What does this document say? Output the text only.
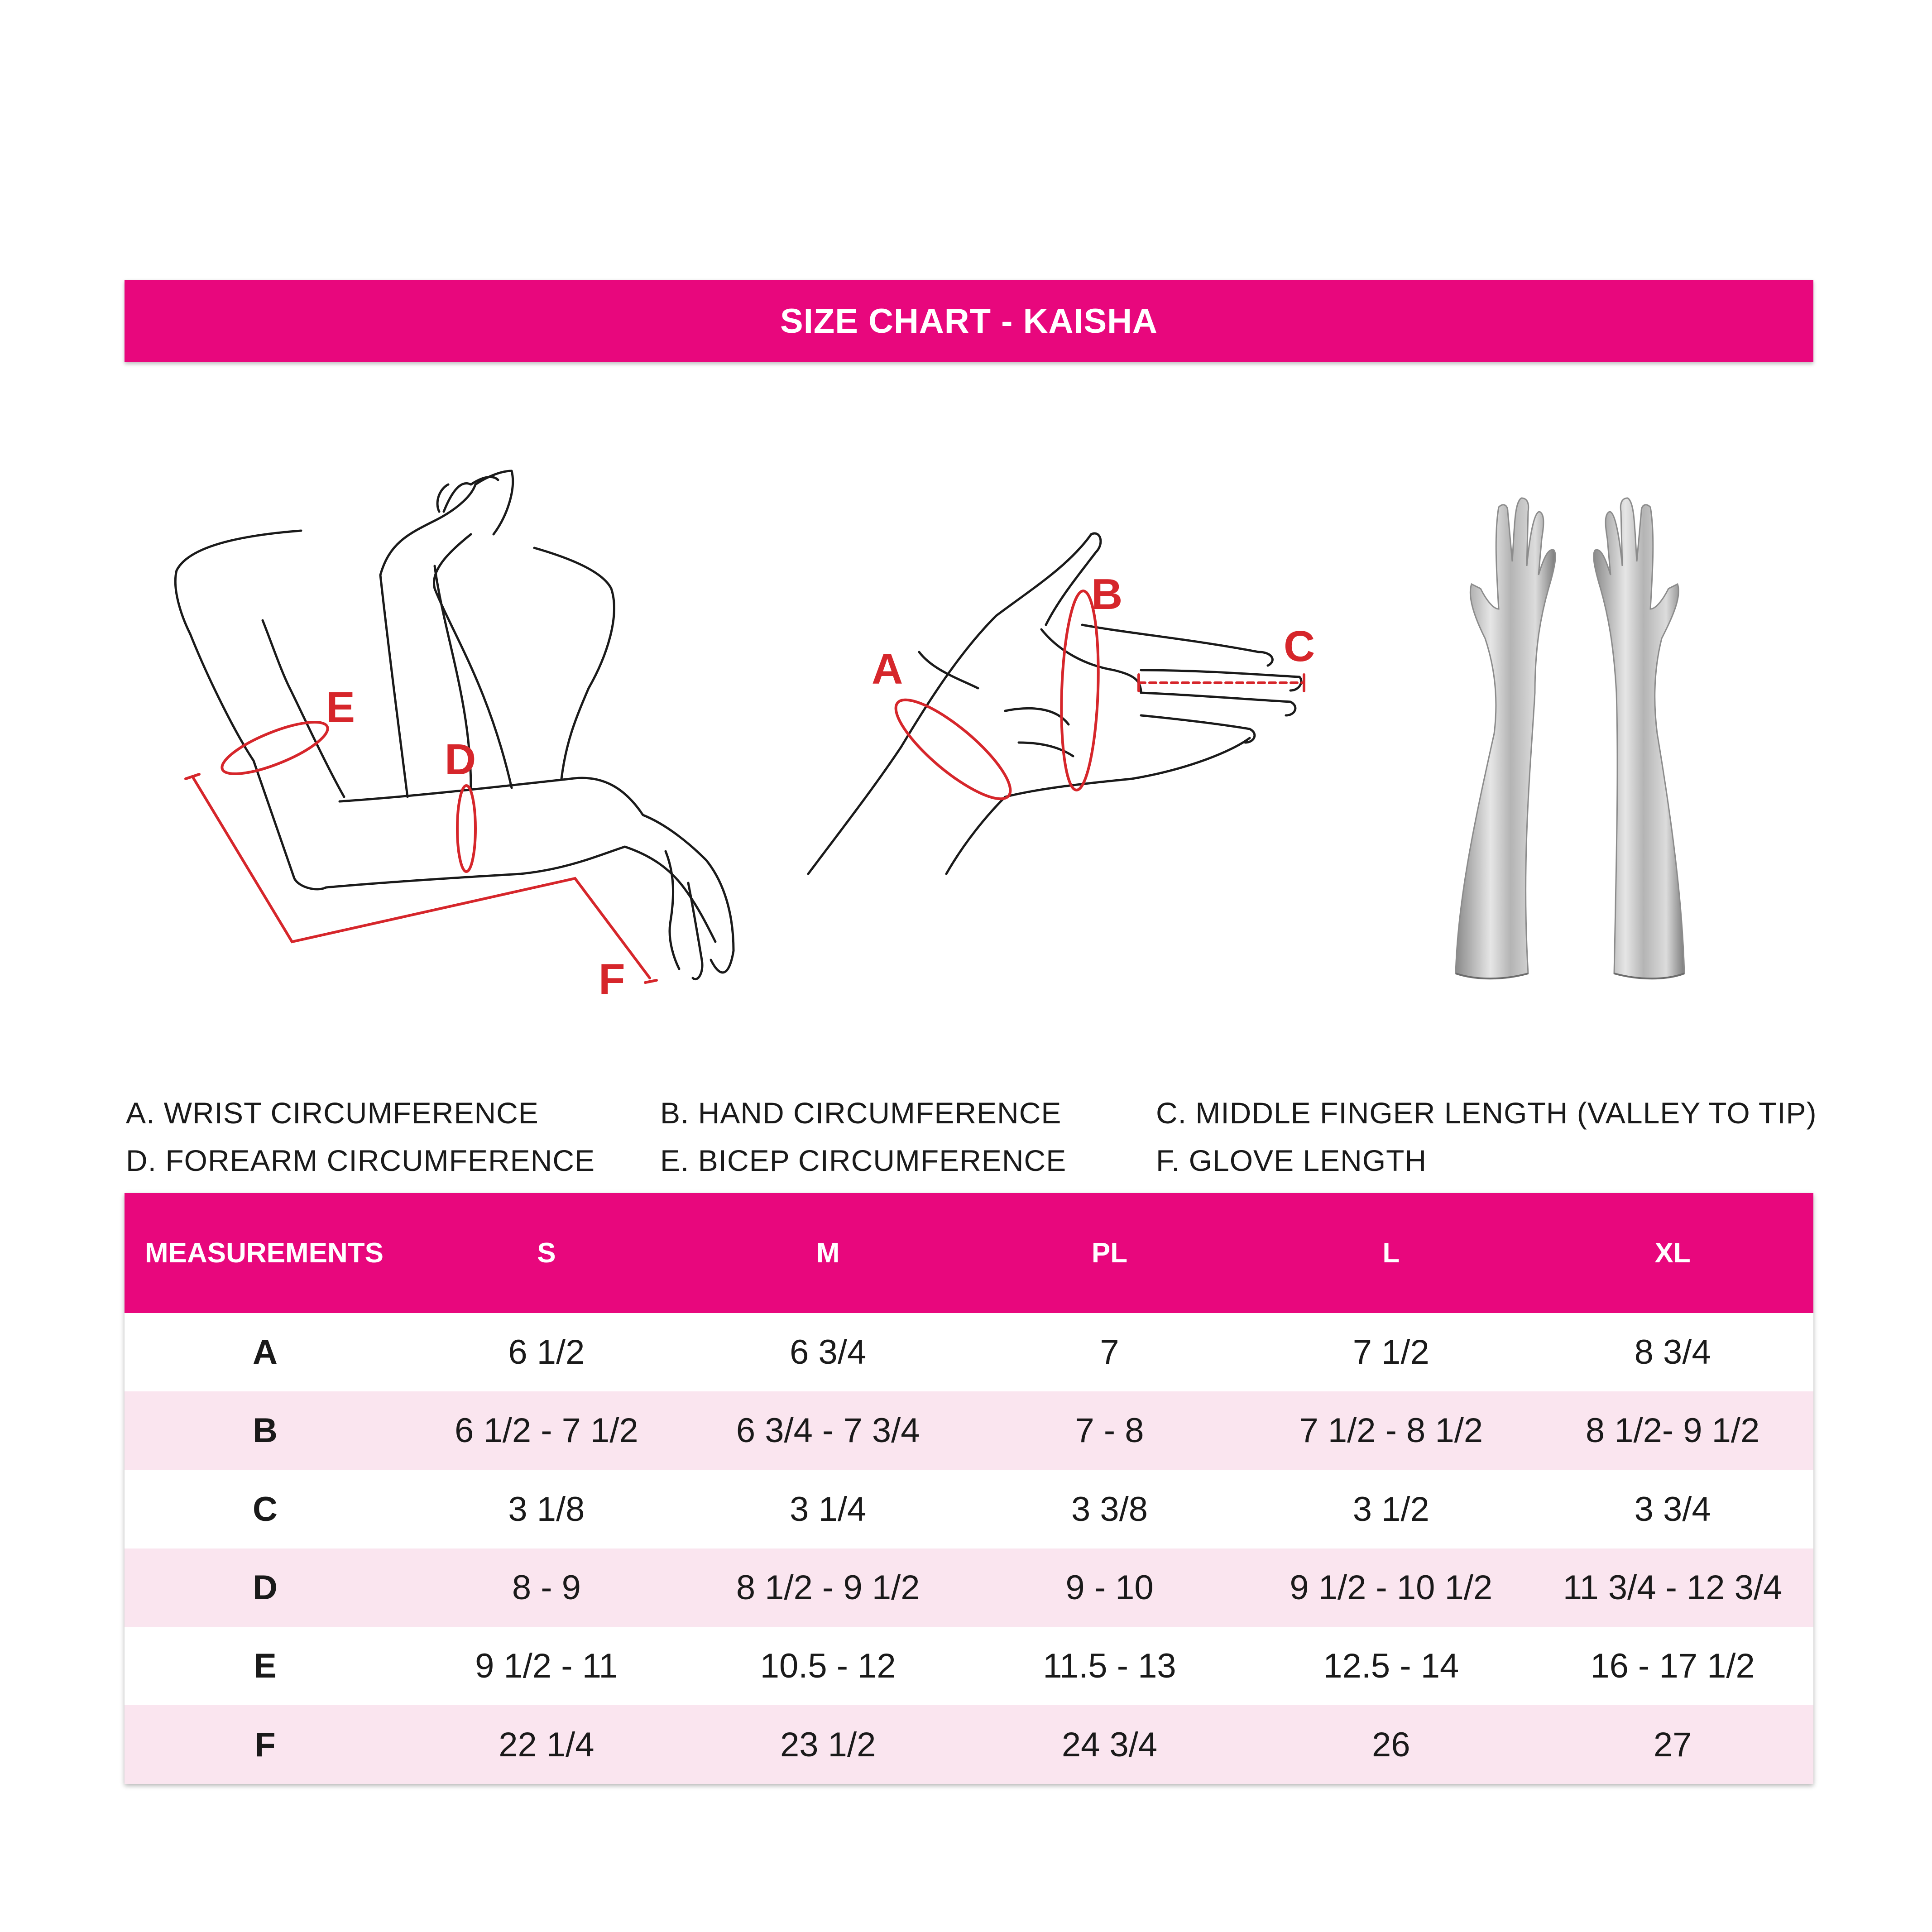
SIZE CHART - KAISHA
E
D
F
A
B
C
A. WRIST CIRCUMFERENCE	B. HAND CIRCUMFERENCE	C. MIDDLE FINGER LENGTH (VALLEY TO TIP)
D. FOREARM CIRCUMFERENCE E. BICEP CIRCUMFERENCE	F. GLOVE LENGTH
MEASUREMENTS	S	M	PL	L	XL
A	6 1/2	6 3/4	7	7 1/2	8 3/4
B	6 1/2 - 7 1/2	6 3/4 - 7 3/4	7 - 8	7 1/2 - 8 1/2	8 1/2- 9 1/2
C	3 1/8	3 1/4	3 3/8	3 1/2	3 3/4
D	8 - 9	8 1/2 - 9 1/2	9 - 10	9 1/2 - 10 1/2	11 3/4 - 12 3/4
E	9 1/2 - 11	10.5 - 12	11.5 - 13	12.5 - 14	16 - 17 1/2
F	22 1/4	23 1/2	24 3/4	26	27
